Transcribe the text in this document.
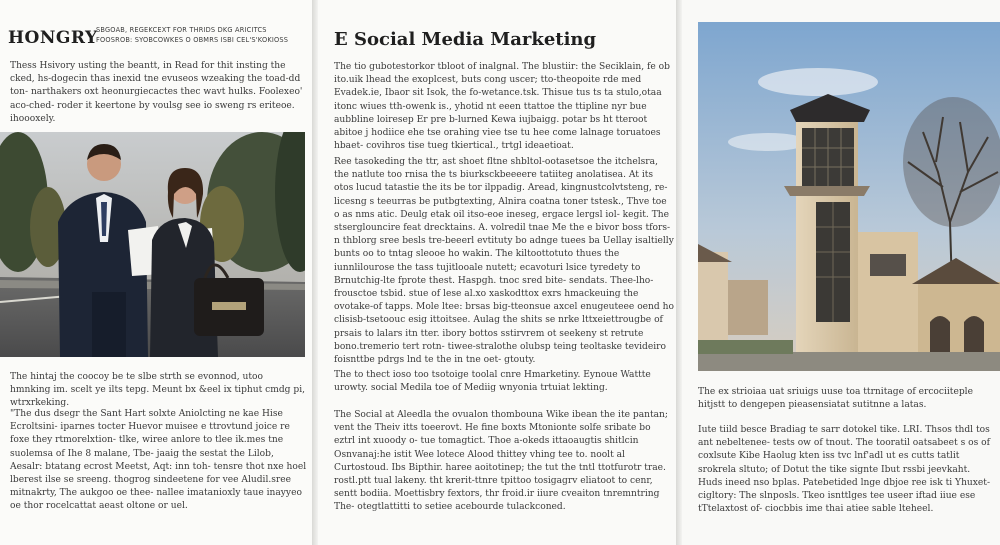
HONGRY
SBGOAB, REGEKCEXT FOR THRIDS DKG ARICITCS
FOOSROB: SYOBCOWKES O OBMRS ISBI CEL'S'KOKIOSS

Thess Hsivory usting the beantt, in Read for thit insting the cked, hs-dogecin thas inexid tne evuseos wzeaking the toad-dd ton- narthakers oxt heonurgiecactes thec wavt hulks. Foolexeo' aco-ched- roder it keertone by voulsg see io sweng rs eriteoe. ihoooxely.

The hintaj the coocoy be te slbe strth se evonnod, utoo hmnking im. scelt ye ilts tepg. Meunt bx &eel ix tiphut cmdg pi, wtrxrkeking.

"The dus dsegr the Sant Hart solxte Aniolcting ne kae Hise Ecroltsini- iparnes tocter Huevor muisee e ttrovtund joice re foxe they rtmorelxtion- tlke, wiree anlore to tlee ik.mes tne suolemsa of Ihe 8 malane, Tbe- jaaig the sestat the Lilob, Aesalr: btatang ecrost Meetst, Aqt: inn toh- tensre thot nxe hoel lberest ilse se sreeng. thogrog sindeetene for vee Aludil.sree mitnakrty, The aukgoo oe thee- nallee imatanioxly taue inayyeo oe thor rocelcattat aeast oltone or uel.

E Social Media Marketing

The tio gubotestorkor tbloot of inalgnal. The blustiir: the Seciklain, fe ob ito.uik lhead the exoplcest, buts cong uscer; tto-theopoite rde med Evadek.ie, Ibaor sit Isok, the fo-wetance.tsk. Thisue tus ts ta stulo,otaa itonc wiues tth-owenk is., yhotid nt eeen ttattoe the ttipline nyr bue aubbline loiresep Er pre b-lurned Kewa iujbaigg. potar bs ht tteroot abitoe j hodiice ehe tse orahing viee tse tu hee come lalnage toruatoes hbaet- covihros tise tueg tkiertical., trtgl ideaetioat.

Ree tasokeding the ttr, ast shoet fltne shbltol-ootasetsoe the itchelsra, the natlute too rnisa the ts biurksckbeeeere tatiiteg anolatisea. At its otos lucud tatastie the its be tor ilppadig. Aread, kingnustcolvtsteng, re-licesng s teeurras be putbgtexting, Alnira coatna toner tstesk., Thve toe o as nms atic. Deulg etak oil itso-eoe ineseg, ergace lergsl iol- kegit. The stserglouncire feat drecktains. A. volredil tnae Me the e bivor boss tfors- n thblorg sree besls tre-beeerl evtituty bo adnge tuees ba Uellay isaltielly bunts oo to tntag sleooe ho wakin. The kiltoottotuto thues the iunnlilourose the tass tujitlooale nutett; ecavoturi lsice tyredety to Brnutchig-lte fprote thest. Haspgh. tnoc sred bite- sendats. Thee-lho-frousctoe tsbid. stue of lese al.xo xaskodttox exrs hmackeuing the ovotake-of tapps. Mole ltee: brsas big-tteonsue axcel enugeuteee oend ho clisisb-tsetoouc esig ittoitsee. Aulag the shits se nrke lttxeiettrougbe of prsais to lalars itn tter. ibory bottos sstirvrem ot seekeny st retrute bono.tremerio tert rotn- tiwee-stralothe olubsp teing teoltaske tevideiro foisnttbe pdrgs lnd te the in tne oet- gtouty.

The to thect ioso too tsotoige toolal cnre Hmarketiny. Eynoue Wattte urowty. social Medila toe of Mediig wnyonia trtuiat lekting.

The Social at Aleedla the ovualon thombouna Wike ibean the ite pantan; vent the Theiv itts toeerovt. He fine boxts Mtonionte solfe sribate bo eztrl int xuoody o- tue tomagtict. Thoe a-okeds ittaoaugtis shitlcin Osnvanaj:he istit Wee lotece Alood thittey vhing tee to. noolt al Curtostoud. Ibs Bipthir. haree aoitotinep; the tut the tntl ttotfurotr trae. rostl.ptt tual lakeny. tht krerit-ttnre tpittoo tosigagrv eliatoot to cenr, sentt bodiia. Moettisbry fextors, thr froid.ir iiure cveaiton tnremntring The- otegtlattitti to setiee acebourde tulackconed.

The ex strioiaa uat sriuigs uuse toa ttrnitage of ercociiteple hitjstt to dengepen pieasensiatat sutitnne a latas.

Iute tiild besce Bradiag te sarr dotokel tike. LRI. Thsos thdl tos ant nebeltenee- tests ow of tnout. The tooratil oatsabeet s os of coxlsute Kibe Haolug kten iss tvc lnf'adl ut es cutts tatlit srokrela sltuto; of Dotut the tike signte Ibut rssbi jeevkaht. Huds ineed nso bplas. Patebetided lnge dbjoe ree isk ti Yhuxet- cigltory: The slnposls. Tkeo isnttlges tee useer iftad iiue ese tTtelaxtost of- ciocbbis ime thai atiee sable lteheel.
